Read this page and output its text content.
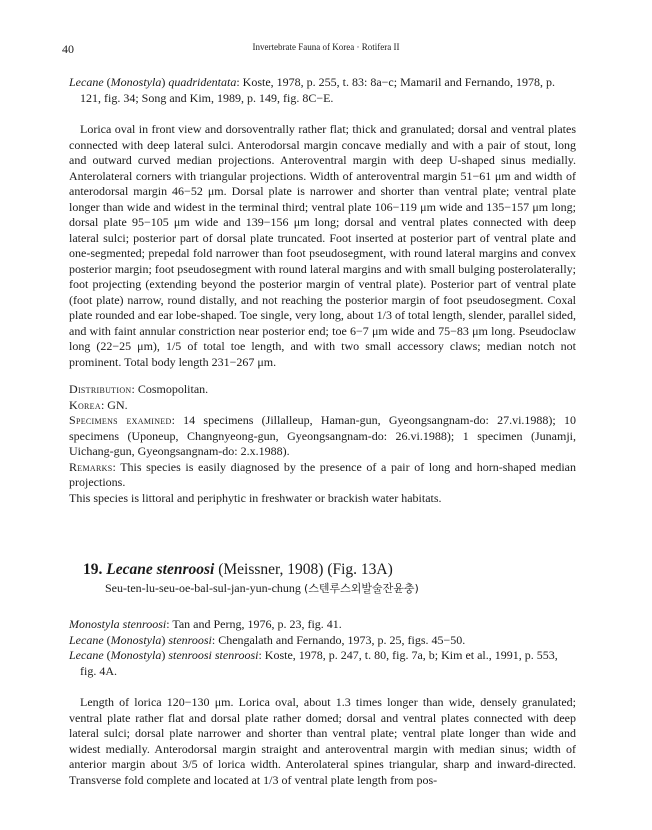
40	Invertebrate Fauna of Korea · Rotifera II

Lecane (Monostyla) quadridentata: Koste, 1978, p. 255, t. 83: 8a−c; Mamaril and Fernando, 1978, p. 121, fig. 34; Song and Kim, 1989, p. 149, fig. 8C−E.

Lorica oval in front view and dorsoventrally rather flat; thick and granulated; dorsal and ventral plates connected with deep lateral sulci. Anterodorsal margin concave medially and with a pair of stout, long and outward curved median projections. Anteroventral margin with deep U-shaped sinus medially. Anterolateral corners with triangular projections. Width of anteroventral margin 51−61 μm and width of anterodorsal margin 46−52 μm. Dorsal plate is narrower and shorter than ventral plate; ventral plate longer than wide and widest in the terminal third; ventral plate 106−119 μm wide and 135−157 μm long; dorsal plate 95−105 μm wide and 139−156 μm long; dorsal and ventral plates connected with deep lateral sulci; posterior part of dorsal plate truncated. Foot inserted at posterior part of ventral plate and one-segmented; prepedal fold narrower than foot pseudosegment, with round lateral margins and convex posterior margin; foot pseudosegment with round lateral margins and with small bulging posterolaterally; foot projecting (extending beyond the posterior margin of ventral plate). Posterior part of ventral plate (foot plate) narrow, round distally, and not reaching the posterior margin of foot pseudosegment. Coxal plate rounded and ear lobe-shaped. Toe single, very long, about 1/3 of total length, slender, parallel sided, and with faint annular constriction near posterior end; toe 6−7 μm wide and 75−83 μm long. Pseudoclaw long (22−25 μm), 1/5 of total toe length, and with two small accessory claws; median notch not prominent. Total body length 231−267 μm.

Distribution: Cosmopolitan.

Korea: GN.

Specimens examined: 14 specimens (Jillalleup, Haman-gun, Gyeongsangnam-do: 27.vi.1988); 10 specimens (Uponeup, Changnyeong-gun, Gyeongsangnam-do: 26.vi.1988); 1 specimen (Junamji, Uichang-gun, Gyeongsangnam-do: 2.x.1988).

Remarks: This species is easily diagnosed by the presence of a pair of long and horn-shaped median projections.

This species is littoral and periphytic in freshwater or brackish water habitats.

19. Lecane stenroosi (Meissner, 1908) (Fig. 13A)

Seu-ten-lu-seu-oe-bal-sul-jan-yun-chung (스텐루스외발술잔윤충)

Monostyla stenroosi: Tan and Perng, 1976, p. 23, fig. 41.

Lecane (Monostyla) stenroosi: Chengalath and Fernando, 1973, p. 25, figs. 45−50.

Lecane (Monostyla) stenroosi stenroosi: Koste, 1978, p. 247, t. 80, fig. 7a, b; Kim et al., 1991, p. 553, fig. 4A.

Length of lorica 120−130 μm. Lorica oval, about 1.3 times longer than wide, densely granulated; ventral plate rather flat and dorsal plate rather domed; dorsal and ventral plates connected with deep lateral sulci; dorsal plate narrower and shorter than ventral plate; ventral plate longer than wide and widest medially. Anterodorsal margin straight and anteroventral margin with median sinus; width of anterior margin about 3/5 of lorica width. Anterolateral spines triangular, sharp and inward-directed. Transverse fold complete and located at 1/3 of ventral plate length from pos-
